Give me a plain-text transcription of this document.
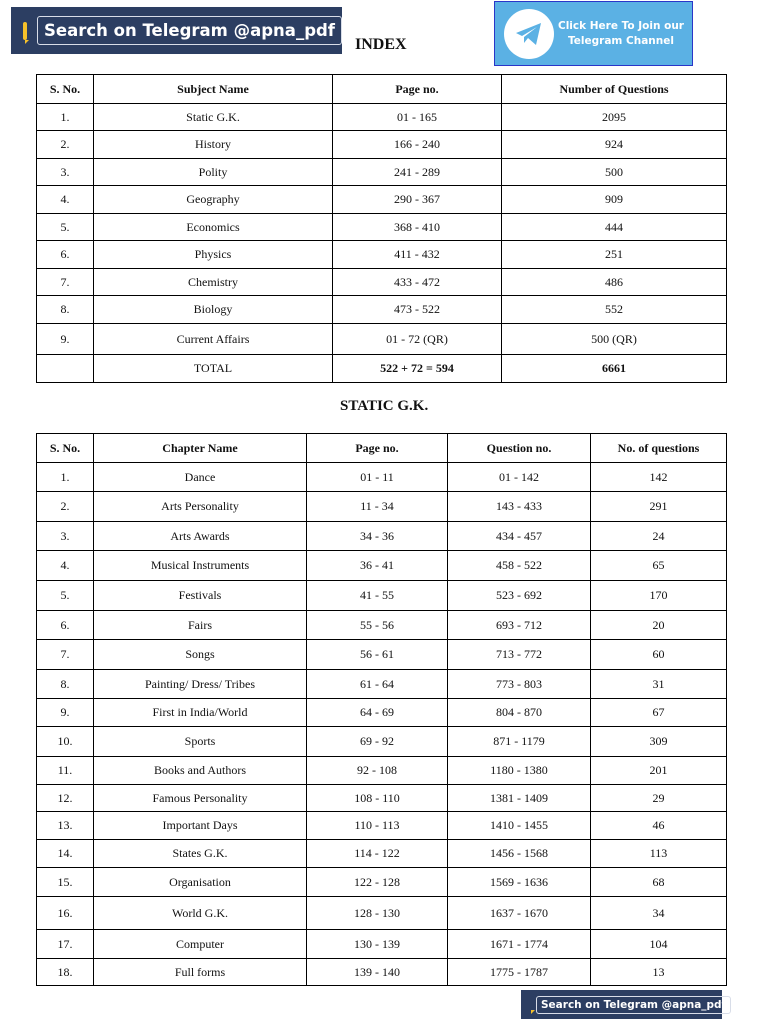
Search on Telegram @apna_pdf	Click Here To Join our
Telegram Channel
INDEX
S. No.	Subject Name	Page no.	Number of Questions
1.	Static G.K.	01 - 165	2095
2.	History	166 - 240	924
3.	Polity	241 - 289	500
4.	Geography	290 - 367	909
5.	Economics	368 - 410	444
6.	Physics	411 - 432	251
7.	Chemistry	433 - 472	486
8.	Biology	473 - 522	552
9.	Current Affairs	01 - 72 (QR)	500 (QR)
	TOTAL	522 + 72 = 594	6661
STATIC G.K.
S. No.	Chapter Name	Page no.	Question no.	No. of questions
1.	Dance	01 - 11	01 - 142	142
2.	Arts Personality	11 - 34	143 - 433	291
3.	Arts Awards	34 - 36	434 - 457	24
4.	Musical Instruments	36 - 41	458 - 522	65
5.	Festivals	41 - 55	523 - 692	170
6.	Fairs	55 - 56	693 - 712	20
7.	Songs	56 - 61	713 - 772	60
8.	Painting/ Dress/ Tribes	61 - 64	773 - 803	31
9.	First in India/World	64 - 69	804 - 870	67
10.	Sports	69 - 92	871 - 1179	309
11.	Books and Authors	92 - 108	1180 - 1380	201
12.	Famous Personality	108 - 110	1381 - 1409	29
13.	Important Days	110 - 113	1410 - 1455	46
14.	States G.K.	114 - 122	1456 - 1568	113
15.	Organisation	122 - 128	1569 - 1636	68
16.	World G.K.	128 - 130	1637 - 1670	34
17.	Computer	130 - 139	1671 - 1774	104
18.	Full forms	139 - 140	1775 - 1787	13
Search on Telegram @apna_pdf
